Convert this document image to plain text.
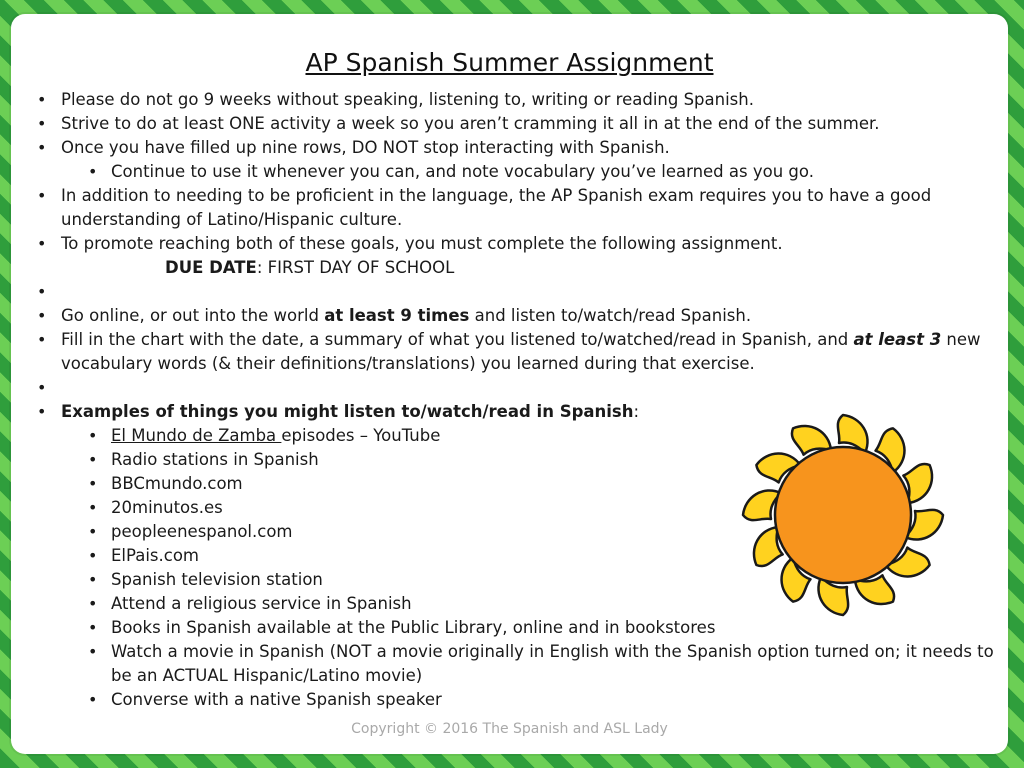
AP Spanish Summer Assignment
• Please do not go 9 weeks without speaking, listening to, writing or reading Spanish.
• Strive to do at least ONE activity a week so you aren’t cramming it all in at the end of the summer.
• Once you have filled up nine rows, DO NOT stop interacting with Spanish.
• Continue to use it whenever you can, and note vocabulary you’ve learned as you go.
• In addition to needing to be proficient in the language, the AP Spanish exam requires you to have a good understanding of Latino/Hispanic culture.
• To promote reaching both of these goals, you must complete the following assignment.
DUE DATE: FIRST DAY OF SCHOOL
•
• Go online, or out into the world at least 9 times and listen to/watch/read Spanish.
• Fill in the chart with the date, a summary of what you listened to/watched/read in Spanish, and at least 3 new vocabulary words (& their definitions/translations) you learned during that exercise.
•
• Examples of things you might listen to/watch/read in Spanish:
• El Mundo de Zamba episodes – YouTube
• Radio stations in Spanish
• BBCmundo.com
• 20minutos.es
• peopleenespanol.com
• ElPais.com
• Spanish television station
• Attend a religious service in Spanish
• Books in Spanish available at the Public Library, online and in bookstores
• Watch a movie in Spanish (NOT a movie originally in English with the Spanish option turned on; it needs to be an ACTUAL Hispanic/Latino movie)
• Converse with a native Spanish speaker
Copyright © 2016 The Spanish and ASL Lady
